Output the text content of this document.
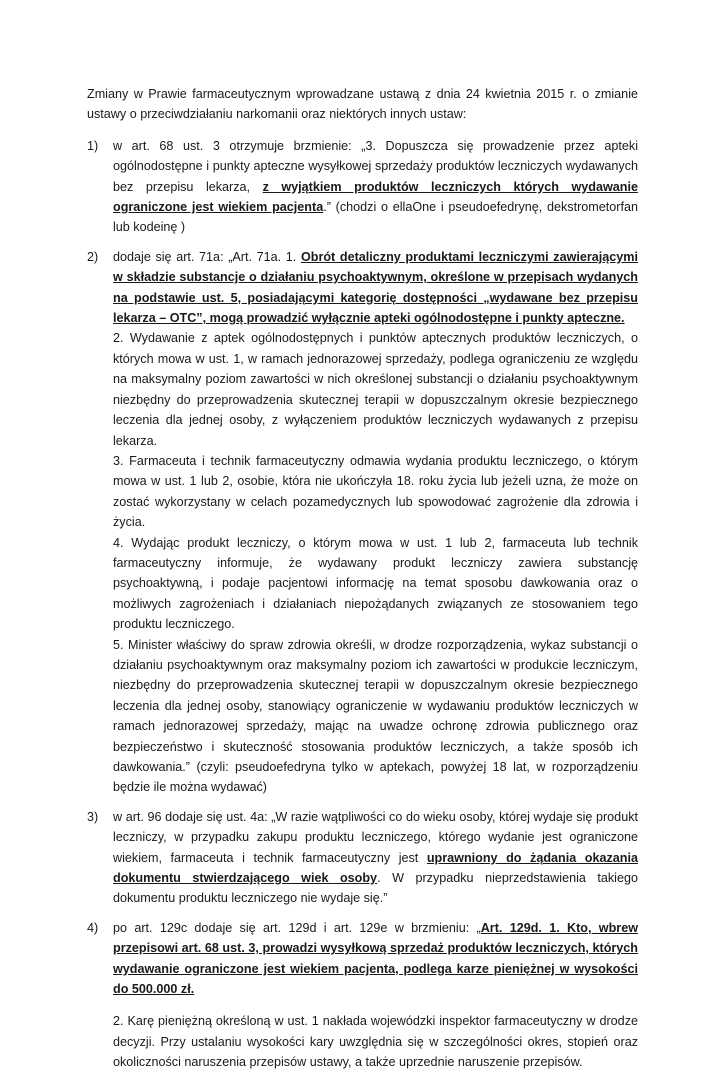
Zmiany w Prawie farmaceutycznym wprowadzane ustawą z dnia 24 kwietnia 2015 r. o zmianie ustawy o przeciwdziałaniu narkomanii oraz niektórych innych ustaw:

1) w art. 68 ust. 3 otrzymuje brzmienie: „3. Dopuszcza się prowadzenie przez apteki ogólnodostępne i punkty apteczne wysyłkowej sprzedaży produktów leczniczych wydawanych bez przepisu lekarza, z wyjątkiem produktów leczniczych których wydawanie ograniczone jest wiekiem pacjenta.” (chodzi o ellaOne i pseudoefedrynę, dekstrometorfan lub kodeinę )

2) dodaje się art. 71a: „Art. 71a. 1. Obrót detaliczny produktami leczniczymi zawierającymi w składzie substancje o działaniu psychoaktywnym, określone w przepisach wydanych na podstawie ust. 5, posiadającymi kategorię dostępności „wydawane bez przepisu lekarza – OTC”, mogą prowadzić wyłącznie apteki ogólnodostępne i punkty apteczne.

2. Wydawanie z aptek ogólnodostępnych i punktów aptecznych produktów leczniczych, o których mowa w ust. 1, w ramach jednorazowej sprzedaży, podlega ograniczeniu ze względu na maksymalny poziom zawartości w nich określonej substancji o działaniu psychoaktywnym niezbędny do przeprowadzenia skutecznej terapii w dopuszczalnym okresie bezpiecznego leczenia dla jednej osoby, z wyłączeniem produktów leczniczych wydawanych z przepisu lekarza.

3. Farmaceuta i technik farmaceutyczny odmawia wydania produktu leczniczego, o którym mowa w ust. 1 lub 2, osobie, która nie ukończyła 18. roku życia lub jeżeli uzna, że może on zostać wykorzystany w celach pozamedycznych lub spowodować zagrożenie dla zdrowia i życia.

4. Wydając produkt leczniczy, o którym mowa w ust. 1 lub 2, farmaceuta lub technik farmaceutyczny informuje, że wydawany produkt leczniczy zawiera substancję psychoaktywną, i podaje pacjentowi informację na temat sposobu dawkowania oraz o możliwych zagrożeniach i działaniach niepożądanych związanych ze stosowaniem tego produktu leczniczego.

5. Minister właściwy do spraw zdrowia określi, w drodze rozporządzenia, wykaz substancji o działaniu psychoaktywnym oraz maksymalny poziom ich zawartości w produkcie leczniczym, niezbędny do przeprowadzenia skutecznej terapii w dopuszczalnym okresie bezpiecznego leczenia dla jednej osoby, stanowiący ograniczenie w wydawaniu produktów leczniczych w ramach jednorazowej sprzedaży, mając na uwadze ochronę zdrowia publicznego oraz bezpieczeństwo i skuteczność stosowania produktów leczniczych, a także sposób ich dawkowania.” (czyli: pseudoefedryna tylko w aptekach, powyżej 18 lat, w rozporządzeniu będzie ile można wydawać)

3) w art. 96 dodaje się ust. 4a: „W razie wątpliwości co do wieku osoby, której wydaje się produkt leczniczy, w przypadku zakupu produktu leczniczego, którego wydanie jest ograniczone wiekiem, farmaceuta i technik farmaceutyczny jest uprawniony do żądania okazania dokumentu stwierdzającego wiek osoby. W przypadku nieprzedstawienia takiego dokumentu produktu leczniczego nie wydaje się.”

4) po art. 129c dodaje się art. 129d i art. 129e w brzmieniu: „Art. 129d. 1. Kto, wbrew przepisowi art. 68 ust. 3, prowadzi wysyłkową sprzedaż produktów leczniczych, których wydawanie ograniczone jest wiekiem pacjenta, podlega karze pieniężnej w wysokości do 500.000 zł.

2. Karę pieniężną określoną w ust. 1 nakłada wojewódzki inspektor farmaceutyczny w drodze decyzji. Przy ustalaniu wysokości kary uwzględnia się w szczególności okres, stopień oraz okoliczności naruszenia przepisów ustawy, a także uprzednie naruszenie przepisów.
